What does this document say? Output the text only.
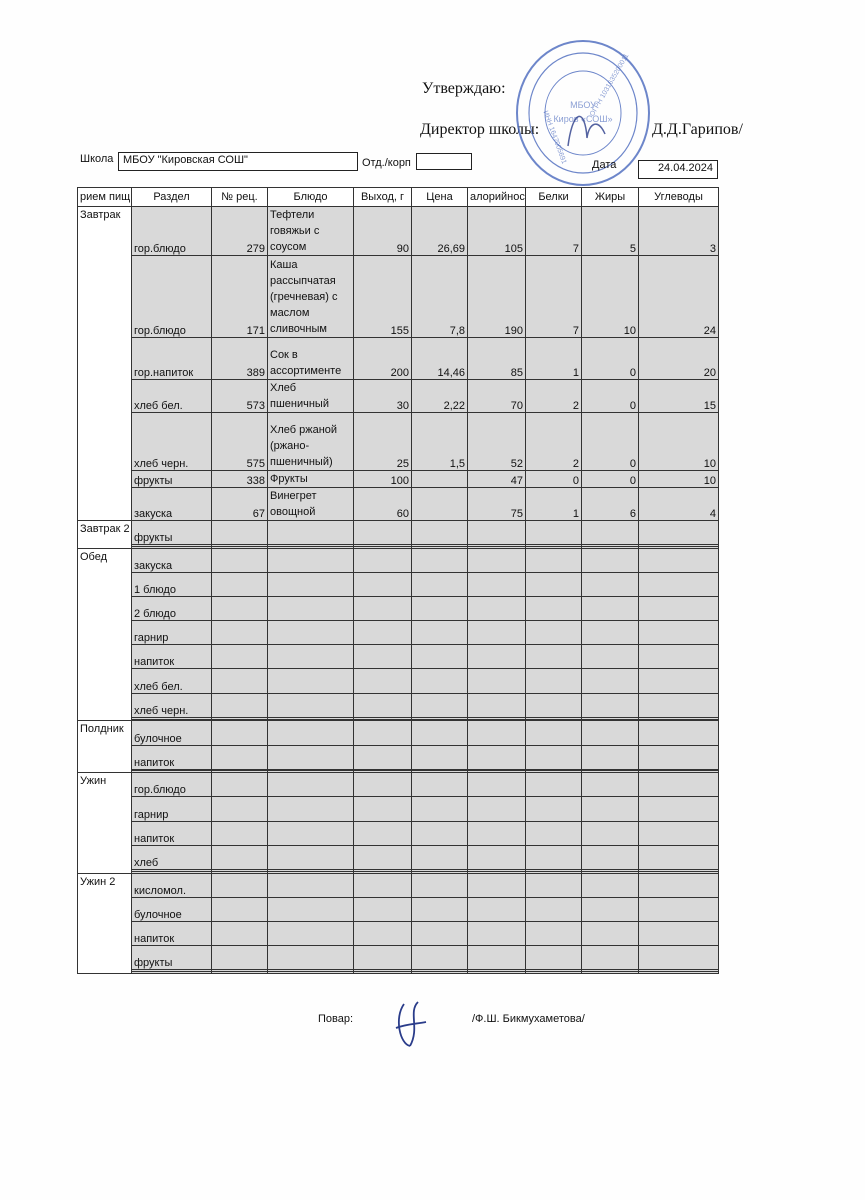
Утверждаю:
Директор школы:	Д.Д.Гарипов/
МБОУ
Киров «СОШ»
ОГРН 1031635200011
ИНН 1647005691
Школа МБОУ "Кировская СОШ"	Отд./корп	Дата	24.04.2024
рием пищ	Раздел	№ рец.	Блюдо	Выход, г	Цена	алорийнос	Белки	Жиры	Углеводы
Завтрак	гор.блюдо	279	Тефтели говяжьи с соусом	90	26,69	105	7	5	3
	гор.блюдо	171	Каша рассыпчатая (гречневая) с маслом сливочным	155	7,8	190	7	10	24
	гор.напиток	389	Сок в ассортименте	200	14,46	85	1	0	20
	хлеб бел.	573	Хлеб пшеничный	30	2,22	70	2	0	15
	хлеб черн.	575	Хлеб ржаной (ржано-пшеничный)	25	1,5	52	2	0	10
	фрукты	338	Фрукты	100		47	0	0	10
	закуска	67	Винегрет овощной	60		75	1	6	4
Завтрак 2	фрукты								

Обед	закуска								
	1 блюдо								
	2 блюдо								
	гарнир								
	напиток								
	хлеб бел.								
	хлеб черн.								

Полдник	булочное								
	напиток								

Ужин	гор.блюдо								
	гарнир								
	напиток								
	хлеб								

Ужин 2	кисломол.								
	булочное								
	напиток								
	фрукты								

Повар:	/Ф.Ш. Бикмухаметова/
